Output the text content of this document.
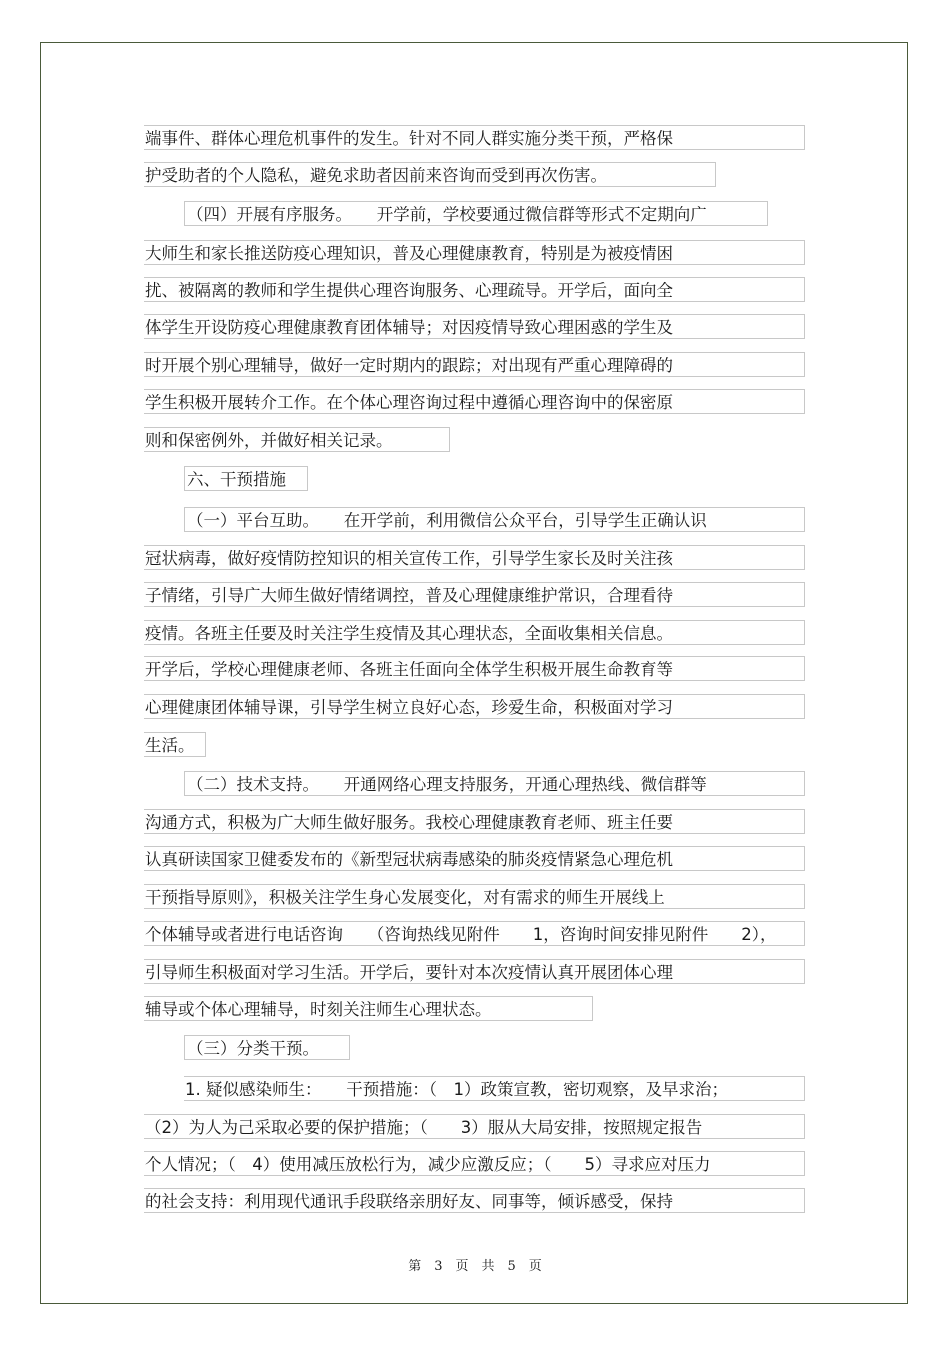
端事件、群体心理危机事件的发生。针对不同人群实施分类干预，严格保
护受助者的个人隐私，避免求助者因前来咨询而受到再次伤害。
（四）开展有序服务。　　开学前，学校要通过微信群等形式不定期向广
大师生和家长推送防疫心理知识，普及心理健康教育，特别是为被疫情困
扰、被隔离的教师和学生提供心理咨询服务、心理疏导。开学后，面向全
体学生开设防疫心理健康教育团体辅导；对因疫情导致心理困惑的学生及
时开展个别心理辅导，做好一定时期内的跟踪；对出现有严重心理障碍的
学生积极开展转介工作。在个体心理咨询过程中遵循心理咨询中的保密原
则和保密例外，并做好相关记录。
六、干预措施
（一）平台互助。　　在开学前，利用微信公众平台，引导学生正确认识
冠状病毒，做好疫情防控知识的相关宣传工作，引导学生家长及时关注孩
子情绪，引导广大师生做好情绪调控，普及心理健康维护常识，合理看待
疫情。各班主任要及时关注学生疫情及其心理状态，全面收集相关信息。
开学后，学校心理健康老师、各班主任面向全体学生积极开展生命教育等
心理健康团体辅导课，引导学生树立良好心态，珍爱生命，积极面对学习
生活。
（二）技术支持。　　开通网络心理支持服务，开通心理热线、微信群等
沟通方式，积极为广大师生做好服务。我校心理健康教育老师、班主任要
认真研读国家卫健委发布的《新型冠状病毒感染的肺炎疫情紧急心理危机
干预指导原则》，积极关注学生身心发展变化，对有需求的师生开展线上
个体辅导或者进行电话咨询　　（咨询热线见附件　　1，咨询时间安排见附件　　2），
引导师生积极面对学习生活。开学后，要针对本次疫情认真开展团体心理
辅导或个体心理辅导，时刻关注师生心理状态。
（三）分类干预。
1. 疑似感染师生：　　干预措施：（　1）政策宣教，密切观察，及早求治；
（2）为人为己采取必要的保护措施；（　　3）服从大局安排，按照规定报告
个人情况；（　4）使用减压放松行为，减少应激反应；（　　5）寻求应对压力
的社会支持：利用现代通讯手段联络亲朋好友、同事等，倾诉感受，保持
第　3　页　共　5　页
